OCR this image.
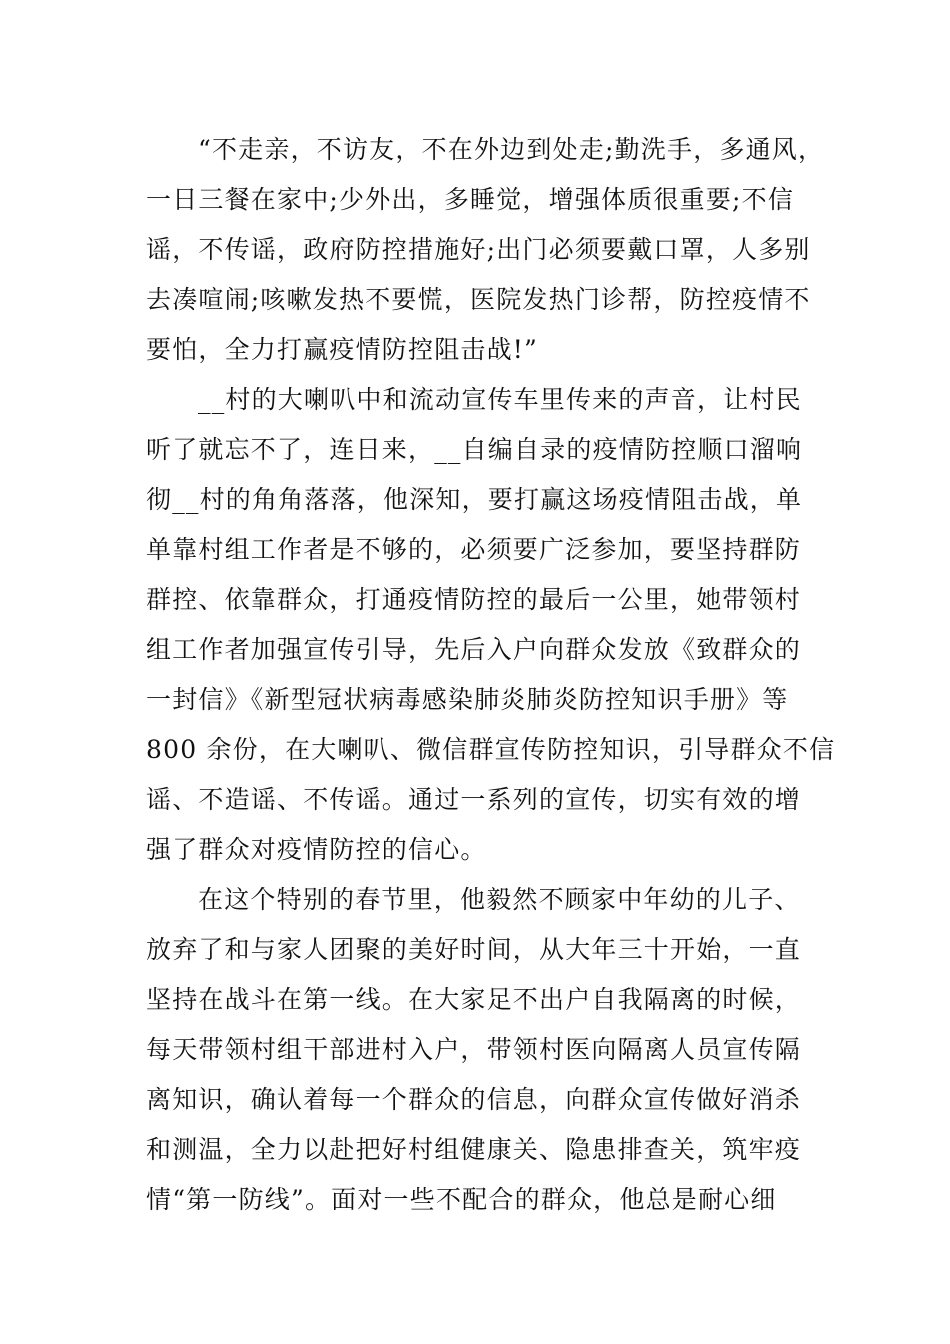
“不走亲，不访友，不在外边到处走;勤洗手，多通风，
一日三餐在家中;少外出，多睡觉，增强体质很重要;不信
谣，不传谣，政府防控措施好;出门必须要戴口罩，人多别
去凑喧闹;咳嗽发热不要慌，医院发热门诊帮，防控疫情不
要怕，全力打赢疫情防控阻击战!”
__村的大喇叭中和流动宣传车里传来的声音，让村民
听了就忘不了，连日来，__自编自录的疫情防控顺口溜响
彻__村的角角落落，他深知，要打赢这场疫情阻击战，单
单靠村组工作者是不够的，必须要广泛参加，要坚持群防
群控、依靠群众，打通疫情防控的最后一公里，她带领村
组工作者加强宣传引导，先后入户向群众发放《致群众的
一封信》《新型冠状病毒感染肺炎肺炎防控知识手册》等
800 余份，在大喇叭、微信群宣传防控知识，引导群众不信
谣、不造谣、不传谣。通过一系列的宣传，切实有效的增
强了群众对疫情防控的信心。
在这个特别的春节里，他毅然不顾家中年幼的儿子、
放弃了和与家人团聚的美好时间，从大年三十开始，一直
坚持在战斗在第一线。在大家足不出户自我隔离的时候，
每天带领村组干部进村入户，带领村医向隔离人员宣传隔
离知识，确认着每一个群众的信息，向群众宣传做好消杀
和测温，全力以赴把好村组健康关、隐患排查关，筑牢疫
情“第一防线”。面对一些不配合的群众，他总是耐心细
